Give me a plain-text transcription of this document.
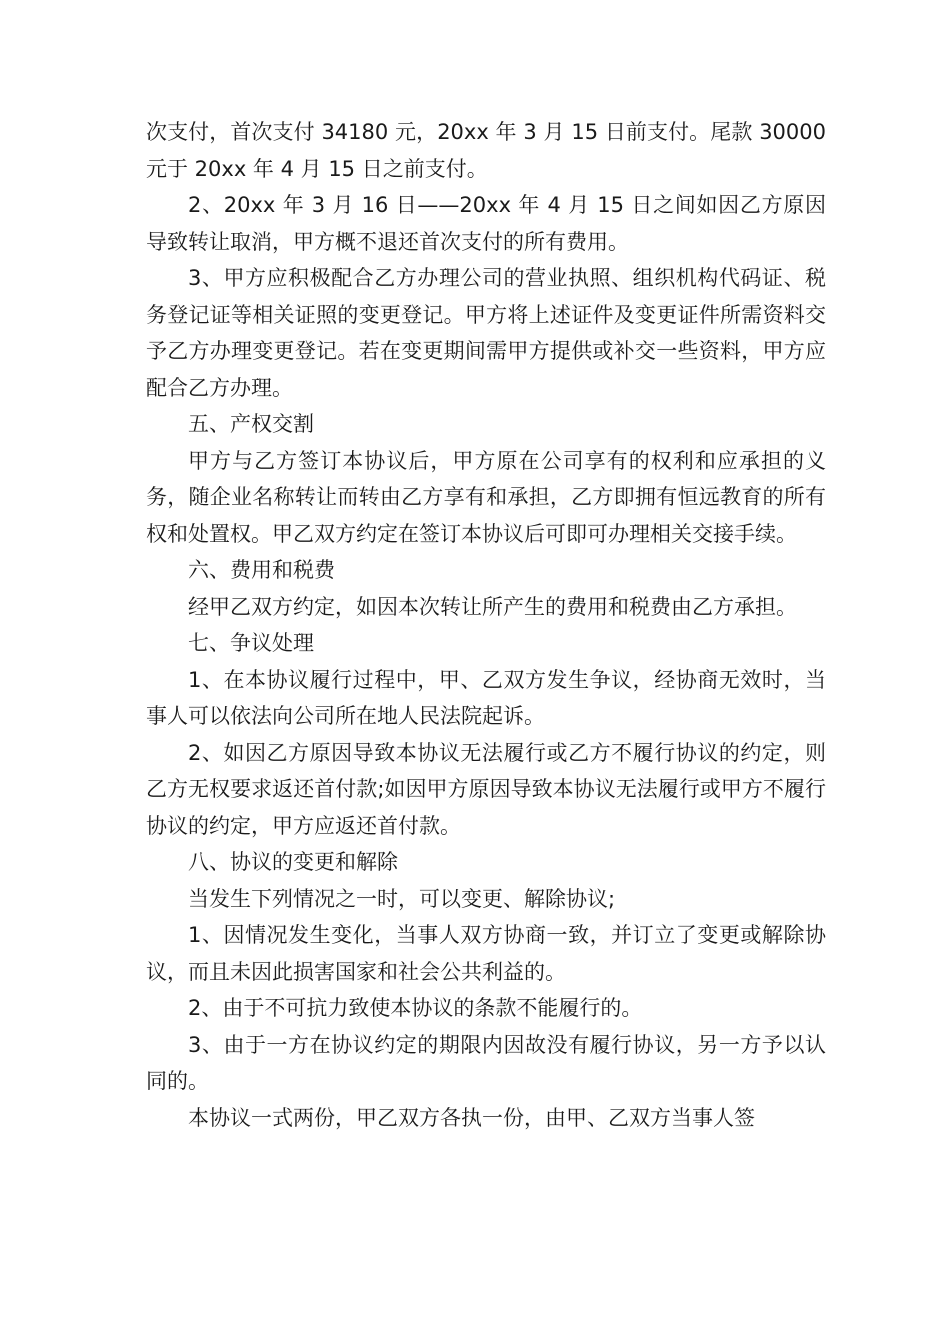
次支付，首次支付 34180 元，20xx 年 3 月 15 日前支付。尾款 30000 元于 20xx 年 4 月 15 日之前支付。

2、20xx 年 3 月 16 日——20xx 年 4 月 15 日之间如因乙方原因导致转让取消，甲方概不退还首次支付的所有费用。

3、甲方应积极配合乙方办理公司的营业执照、组织机构代码证、税务登记证等相关证照的变更登记。甲方将上述证件及变更证件所需资料交予乙方办理变更登记。若在变更期间需甲方提供或补交一些资料，甲方应配合乙方办理。

五、产权交割

甲方与乙方签订本协议后，甲方原在公司享有的权利和应承担的义务，随企业名称转让而转由乙方享有和承担，乙方即拥有恒远教育的所有权和处置权。甲乙双方约定在签订本协议后可即可办理相关交接手续。

六、费用和税费

经甲乙双方约定，如因本次转让所产生的费用和税费由乙方承担。

七、争议处理

1、在本协议履行过程中，甲、乙双方发生争议，经协商无效时，当事人可以依法向公司所在地人民法院起诉。

2、如因乙方原因导致本协议无法履行或乙方不履行协议的约定，则乙方无权要求返还首付款;如因甲方原因导致本协议无法履行或甲方不履行协议的约定，甲方应返还首付款。

八、协议的变更和解除

当发生下列情况之一时，可以变更、解除协议;

1、因情况发生变化，当事人双方协商一致，并订立了变更或解除协议，而且未因此损害国家和社会公共利益的。

2、由于不可抗力致使本协议的条款不能履行的。

3、由于一方在协议约定的期限内因故没有履行协议，另一方予以认同的。

本协议一式两份，甲乙双方各执一份，由甲、乙双方当事人签
